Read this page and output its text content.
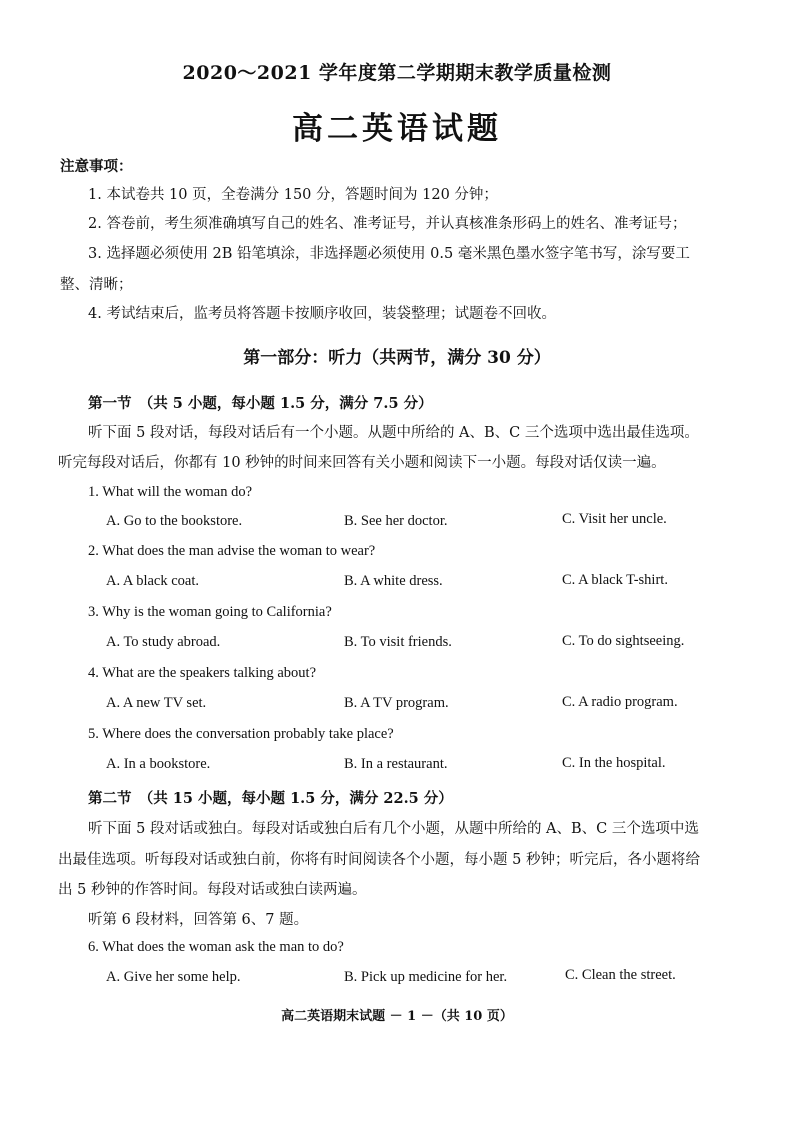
2020～2021 学年度第二学期期末教学质量检测
高二英语试题
注意事项：
1. 本试卷共 10 页，全卷满分 150 分，答题时间为 120 分钟；
2. 答卷前，考生须准确填写自己的姓名、准考证号，并认真核准条形码上的姓名、准考证号；
3. 选择题必须使用 2B 铅笔填涂，非选择题必须使用 0.5 毫米黑色墨水签字笔书写，涂写要工
整、清晰；
4. 考试结束后，监考员将答题卡按顺序收回，装袋整理；试题卷不回收。
第一部分：听力（共两节，满分 30 分）
第一节　（共 5 小题，每小题 1.5 分，满分 7.5 分）
听下面 5 段对话，每段对话后有一个小题。从题中所给的 A、B、C 三个选项中选出最佳选项。
听完每段对话后，你都有 10 秒钟的时间来回答有关小题和阅读下一小题。每段对话仅读一遍。
1. What will the woman do?
A. Go to the bookstore.	B. See her doctor.	C. Visit her uncle.
2. What does the man advise the woman to wear?
A. A black coat.	B. A white dress.	C. A black T-shirt.
3. Why is the woman going to California?
A. To study abroad.	B. To visit friends.	C. To do sightseeing.
4. What are the speakers talking about?
A. A new TV set.	B. A TV program.	C. A radio program.
5. Where does the conversation probably take place?
A. In a bookstore.	B. In a restaurant.	C. In the hospital.
第二节　（共 15 小题，每小题 1.5 分，满分 22.5 分）
听下面 5 段对话或独白。每段对话或独白后有几个小题，从题中所给的 A、B、C 三个选项中选
出最佳选项。听每段对话或独白前，你将有时间阅读各个小题，每小题 5 秒钟；听完后，各小题将给
出 5 秒钟的作答时间。每段对话或独白读两遍。
听第 6 段材料，回答第 6、7 题。
6. What does the woman ask the man to do?
A. Give her some help.	B. Pick up medicine for her.	C. Clean the street.
高二英语期末试题 － 1 －（共 10 页）
